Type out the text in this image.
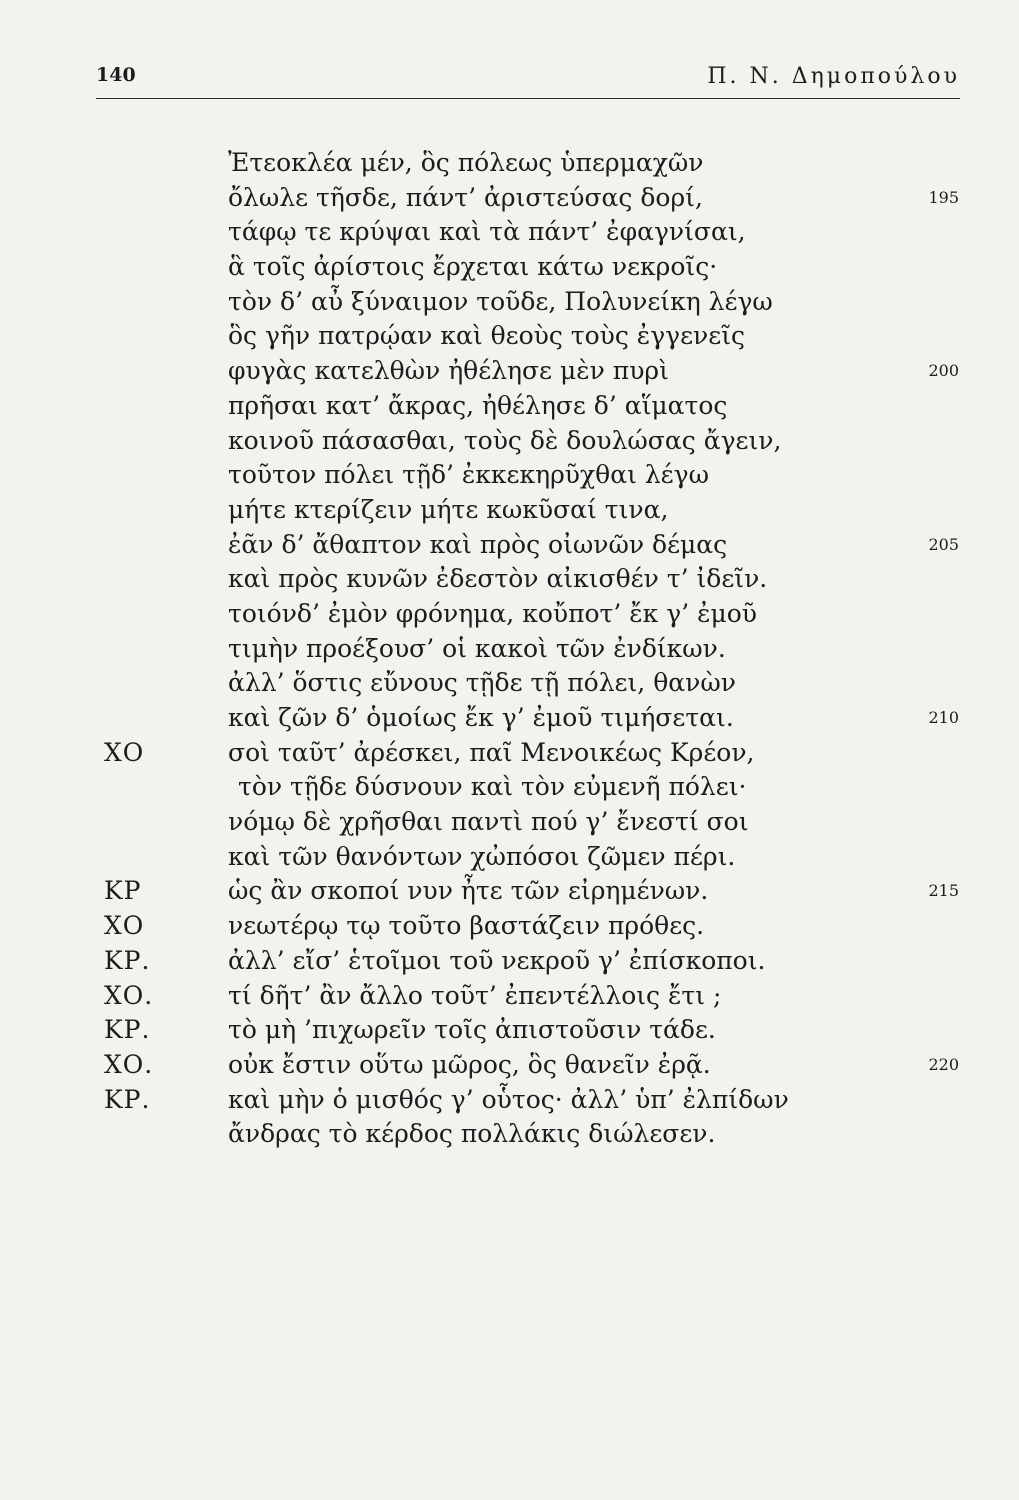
140	Π. Ν. Δημοπούλου
Ἐτεοκλέα μέν, ὃς πόλεως ὑπερμαχῶν
ὄλωλε τῆσδε, πάντ’ ἀριστεύσας δορί,	195
τάφῳ τε κρύψαι καὶ τὰ πάντ’ ἐφαγνίσαι,
ἃ τοῖς ἀρίστοις ἔρχεται κάτω νεκροῖς·
τὸν δ’ αὖ ξύναιμον τοῦδε, Πολυνείκη λέγω
ὃς γῆν πατρῴαν καὶ θεοὺς τοὺς ἐγγενεῖς
φυγὰς κατελθὼν ἠθέλησε μὲν πυρὶ	200
πρῆσαι κατ’ ἄκρας, ἠθέλησε δ’ αἵματος
κοινοῦ πάσασθαι, τοὺς δὲ δουλώσας ἄγειν,
τοῦτον πόλει τῇδ’ ἐκκεκηρῦχθαι λέγω
μήτε κτερίζειν μήτε κωκῦσαί τινα,
ἐᾶν δ’ ἄθαπτον καὶ πρὸς οἰωνῶν δέμας	205
καὶ πρὸς κυνῶν ἐδεστὸν αἰκισθέν τ’ ἰδεῖν.
τοιόνδ’ ἐμὸν φρόνημα, κοὔποτ’ ἔκ γ’ ἐμοῦ
τιμὴν προέξουσ’ οἱ κακοὶ τῶν ἐνδίκων.
ἀλλ’ ὅστις εὔνους τῇδε τῇ πόλει, θανὼν
καὶ ζῶν δ’ ὁμοίως ἔκ γ’ ἐμοῦ τιμήσεται.	210
ΧΟ	σοὶ ταῦτ’ ἀρέσκει, παῖ Μενοικέως Κρέον,
τὸν τῇδε δύσνουν καὶ τὸν εὐμενῆ πόλει·
νόμῳ δὲ χρῆσθαι παντὶ πού γ’ ἔνεστί σοι
καὶ τῶν θανόντων χὠπόσοι ζῶμεν πέρι.
ΚΡ	ὡς ἂν σκοποί νυν ἦτε τῶν εἰρημένων.	215
ΧΟ	νεωτέρῳ τῳ τοῦτο βαστάζειν πρόθες.
ΚΡ.	ἀλλ’ εἴσ’ ἑτοῖμοι τοῦ νεκροῦ γ’ ἐπίσκοποι.
ΧΟ.	τί δῆτ’ ἂν ἄλλο τοῦτ’ ἐπεντέλλοις ἔτι ;
ΚΡ.	τὸ μὴ ’πιχωρεῖν τοῖς ἀπιστοῦσιν τάδε.
ΧΟ.	οὐκ ἔστιν οὕτω μῶρος, ὃς θανεῖν ἐρᾷ.	220
ΚΡ.	καὶ μὴν ὁ μισθός γ’ οὗτος· ἀλλ’ ὑπ’ ἐλπίδων
ἄνδρας τὸ κέρδος πολλάκις διώλεσεν.
